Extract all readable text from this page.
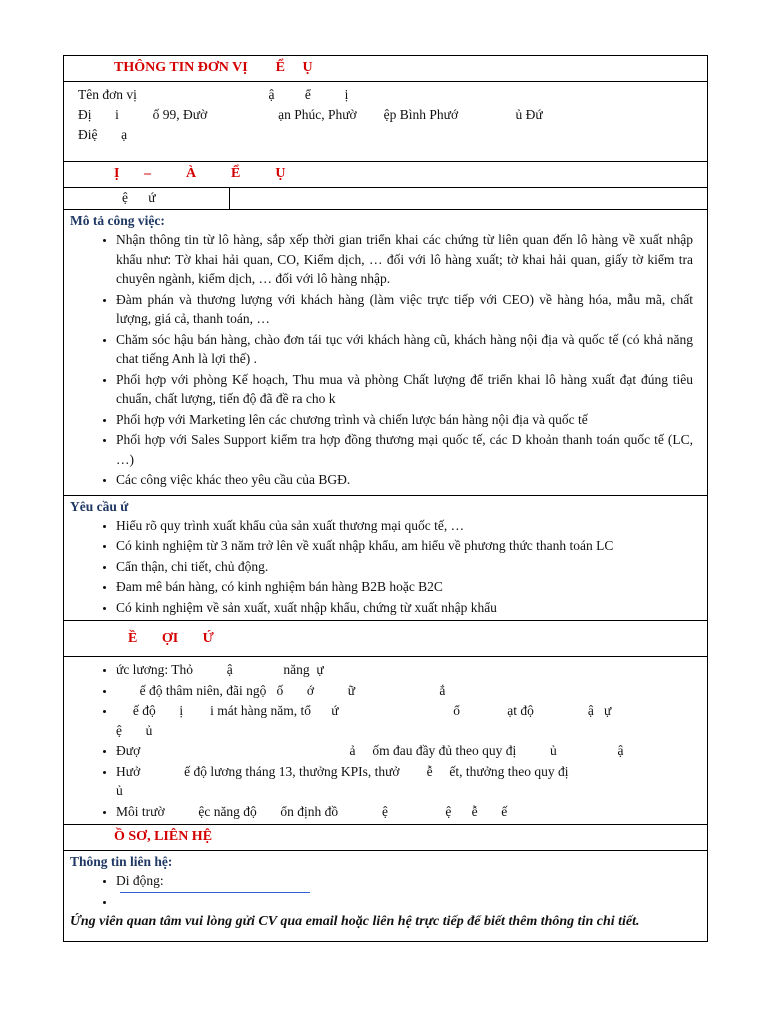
THÔNG TIN ĐƠN VỊ        Ể     Ụ
Tên đơn vị                                       ậ         ể          ị
Đị       i          ố 99, Đườ                     ạn Phúc, Phườ        ệp Bình Phướ                 ủ Đứ
Điệ       ạ
Ị       –          À          Ể          Ụ
ệ      ứ
Mô tả công việc:
• Nhận thông tin từ lô hàng, sắp xếp thời gian triển khai các chứng từ liên quan đến lô hàng về xuất nhập khẩu như: Tờ khai hải quan, CO, Kiểm dịch, … đối với lô hàng xuất; tờ khai hải quan, giấy tờ kiểm tra chuyên ngành, kiểm dịch, … đối với lô hàng nhập.
• Đàm phán và thương lượng với khách hàng (làm việc trực tiếp với CEO) về hàng hóa, mẫu mã, chất lượng, giá cả, thanh toán, …
• Chăm sóc hậu bán hàng, chào đơn tái tục với khách hàng cũ, khách hàng nội địa và quốc tế (có khả năng chat tiếng Anh là lợi thế) .
• Phối hợp với phòng Kế hoạch, Thu mua và phòng Chất lượng để triển khai lô hàng xuất đạt đúng tiêu chuẩn, chất lượng, tiến độ đã đề ra cho k
• Phối hợp với Marketing lên các chương trình và chiến lược bán hàng nội địa và quốc tế
• Phối hợp với Sales Support kiểm tra hợp đồng thương mại quốc tế, các D khoản thanh toán quốc tế (LC, …)
• Các công việc khác theo yêu cầu của BGĐ.
Yêu cầu ứ
• Hiểu rõ quy trình xuất khẩu của sản xuất thương mại quốc tế, …
• Có kinh nghiệm từ 3 năm trở lên về xuất nhập khẩu, am hiểu về phương thức thanh toán LC
• Cẩn thận, chi tiết, chủ động.
• Đam mê bán hàng, có kinh nghiệm bán hàng B2B hoặc B2C
• Có kinh nghiệm về sản xuất, xuất nhập khẩu, chứng từ xuất nhập khẩu
Ề       ỢI       Ứ
• ức lương: Thỏ          ậ               năng  ự
•        ế độ thâm niên, đãi ngộ   ố       ớ          ữ                         ắ
•      ế độ       ị        i mát hàng năm, tổ      ứ                                  ổ              ạt độ                ậ   ự
ệ       ủ
• Đượ                                                              ả     ốm đau đầy đủ theo quy đị          ủ                  ậ
• Hưở             ế độ lương tháng 13, thưởng KPIs, thưở        ễ     ết, thưởng theo quy đị
ủ
• Môi trườ          ệc năng độ       ổn định đồ             ệ                 ệ      ễ       ế
Ồ SƠ, LIÊN HỆ
Thông tin liên hệ:
• Di động:
•
Ứng viên quan tâm vui lòng gửi CV qua email hoặc liên hệ trực tiếp để biết thêm thông tin chi tiết.
